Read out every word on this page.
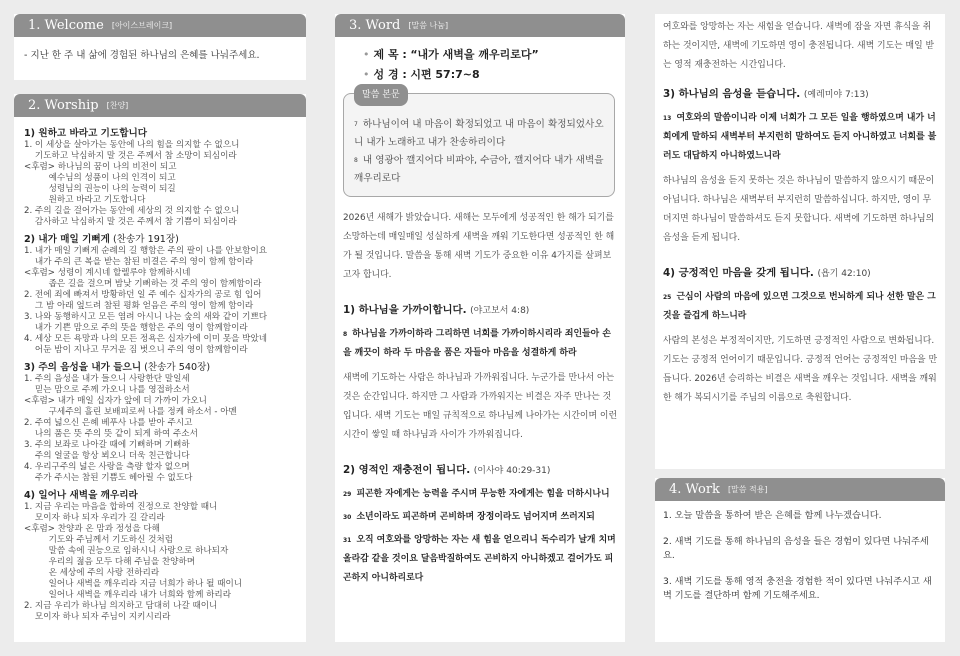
1. Welcome [아이스브레이크]
- 지난 한 주 내 삶에 경험된 하나님의 은혜를 나눠주세요.
2. Worship [찬양]
1) 원하고 바라고 기도합니다
1. 이 세상을 살아가는 동안에 나의 힘을 의지할 수 없으니
기도하고 낙심하지 말 것은 주께서 참 소망이 되심이라
<후렴> 하나님의 꿈이 나의 비전이 되고
예수님의 성품이 나의 인격이 되고
성령님의 권능이 나의 능력이 되길
원하고 바라고 기도합니다
2. 주의 길을 걸어가는 동안에 세상의 것 의지할 수 없으니
감사하고 낙심하지 말 것은 주께서 참 기쁨이 되심이라
2) 내가 매일 기뻐게 (찬송가 191장)
1. 내가 매일 기뻐게 순례의 길 행함은 주의 팔이 나를 안보함이요
내가 주의 큰 복을 받는 참된 비결은 주의 영이 함께 함이라
<후렴> 성령이 계시네 할렐루야 함께하시네
좁은 길을 걸으며 밤낮 기뻐하는 것 주의 영이 함께함이라
2. 전에 죄에 빠져서 방황하던 일 주 예수 십자가의 공로 힘 입어
그 밤 아래 엎드려 참된 평화 얻음은 주의 영이 함께 함이라
3. 나와 동행하시고 모든 염려 아시니 나는 숲의 새와 같이 기쁘다
내가 기쁜 맘으로 주의 뜻을 행함은 주의 영이 함께함이라
4. 세상 모든 욕망과 나의 모든 정욕은 십자가에 이미 못을 박았네
어둔 밤이 지나고 무거운 짐 벗으니 주의 영이 함께함이라
3) 주의 음성을 내가 들으니 (찬송가 540장)
1. 주의 음성을 내가 들으니 사랑한단 말일세
믿는 맘으로 주께 가오니 나를 영접하소서
<후렴> 내가 매일 십자가 앞에 더 가까이 가오니
구세주의 흘린 보배피로써 나를 정케 하소서 - 아멘
2. 주여 넓으신 은혜 베푸사 나를 받아 주시고
나의 품은 뜻 주의 뜻 같이 되게 하여 주소서
3. 주의 보좌로 나아갈 때에 기뻐하며 기뻐하
주의 얼굴을 항상 뵈오니 더욱 친근합니다
4. 우리구주의 넓은 사랑을 측량 할자 없으며
주가 주시는 참된 기쁨도 헤아릴 수 없도다
4) 일어나 새벽을 깨우리라
1. 지금 우리는 마음을 합하여 진정으로 찬양할 때니
모이자 하나 되자 우리가 길 갈리라
<후렴> 찬양과 온 맘과 정성을 다해
기도와 주님께서 기도하신 것처럼
말씀 속에 권능으로 임하시니 사랑으로 하나되자
우리의 젊음 모두 다해 주님을 찬양하며
온 세상에 주의 사랑 전하리라
일어나 새벽을 깨우리라 지금 너희가 하나 될 때이니
일어나 새벽을 깨우리라 내가 너희와 함께 하리라
2. 지금 우리가 하나님 의지하고 담대히 나갈 때이니
모이자 하나 되자 주님이 지키시리라
3. Word [말씀 나눔]
• 제 목 : “내가 새벽을 깨우리로다”
• 성 경 : 시편 57:7~8
말씀 본문
$^7$ 하나님이여 내 마음이 확정되었고 내 마음이 확정되었사오니 내가 노래하고 내가 찬송하리이다
$^8$ 내 영광아 깰지어다 비파야, 수금아, 깰지어다 내가 새벽을 깨우리로다

2026년 새해가 밝았습니다. 새해는 모두에게 성공적인 한 해가 되기를 소망하는데 매일매일 성실하게 새벽을 깨워 기도한다면 성공적인 한 해가 될 것입니다. 말씀을 통해 새벽 기도가 중요한 이유 4가지를 살펴보고자 합니다.

1) 하나님을 가까이합니다. (야고보서 4:8)
$^8$ 하나님을 가까이하라 그리하면 너희를 가까이하시리라 죄인들아 손을 깨끗이 하라 두 마음을 품은 자들아 마음을 성결하게 하라

새벽에 기도하는 사람은 하나님과 가까워집니다. 누군가를 만나서 아는 것은 순간입니다. 하지만 그 사람과 가까워지는 비결은 자주 만나는 것입니다. 새벽 기도는 매일 규칙적으로 하나님께 나아가는 시간이며 이런 시간이 쌓일 때 하나님과 사이가 가까워집니다.

2) 영적인 재충전이 됩니다. (이사야 40:29-31)
$^{29}$ 피곤한 자에게는 능력을 주시며 무능한 자에게는 힘을 더하시나니
$^{30}$ 소년이라도 피곤하며 곤비하며 장정이라도 넘어지며 쓰러지되
$^{31}$ 오직 여호와를 앙망하는 자는 새 힘을 얻으리니 독수리가 날개 치며 올라감 같을 것이요 달음박질하여도 곤비하지 아니하겠고 걸어가도 피곤하지 아니하리로다

여호와를 앙망하는 자는 새힘을 얻습니다. 새벽에 잠을 자면 휴식을 취하는 것이지만, 새벽에 기도하면 영이 충전됩니다. 새벽 기도는 매일 받는 영적 재충전하는 시간입니다.

3) 하나님의 음성을 듣습니다. (예레미야 7:13)
$^{13}$ 여호와의 말씀이니라 이제 너희가 그 모든 일을 행하였으며 내가 너희에게 말하되 새벽부터 부지런히 말하여도 듣지 아니하였고 너희를 불러도 대답하지 아니하였느니라

하나님의 음성을 듣지 못하는 것은 하나님이 말씀하지 않으시기 때문이 아닙니다. 하나님은 새벽부터 부지런히 말씀하십니다. 하지만, 영이 무뎌지면 하나님이 말씀하셔도 듣지 못합니다. 새벽에 기도하면 하나님의 음성을 듣게 됩니다.

4) 긍정적인 마음을 갖게 됩니다. (욥기 42:10)
$^{25}$ 근심이 사람의 마음에 있으면 그것으로 번뇌하게 되나 선한 말은 그것을 즐겁게 하느니라

사람의 본성은 부정적이지만, 기도하면 긍정적인 사람으로 변화됩니다. 기도는 긍정적 언어이기 때문입니다. 긍정적 언어는 긍정적인 마음을 만듭니다. 2026년 승리하는 비결은 새벽을 깨우는 것입니다. 새벽을 깨워 한 해가 복되시기를 주님의 이름으로 축원합니다.

4. Work [말씀 적용]
1. 오늘 말씀을 통하여 받은 은혜를 함께 나누겠습니다.
2. 새벽 기도를 통해 하나님의 음성을 들은 경험이 있다면 나눠주세요.
3. 새벽 기도를 통해 영적 충전을 경험한 적이 있다면 나눠주시고 새벽 기도를 결단하며 함께 기도해주세요.
